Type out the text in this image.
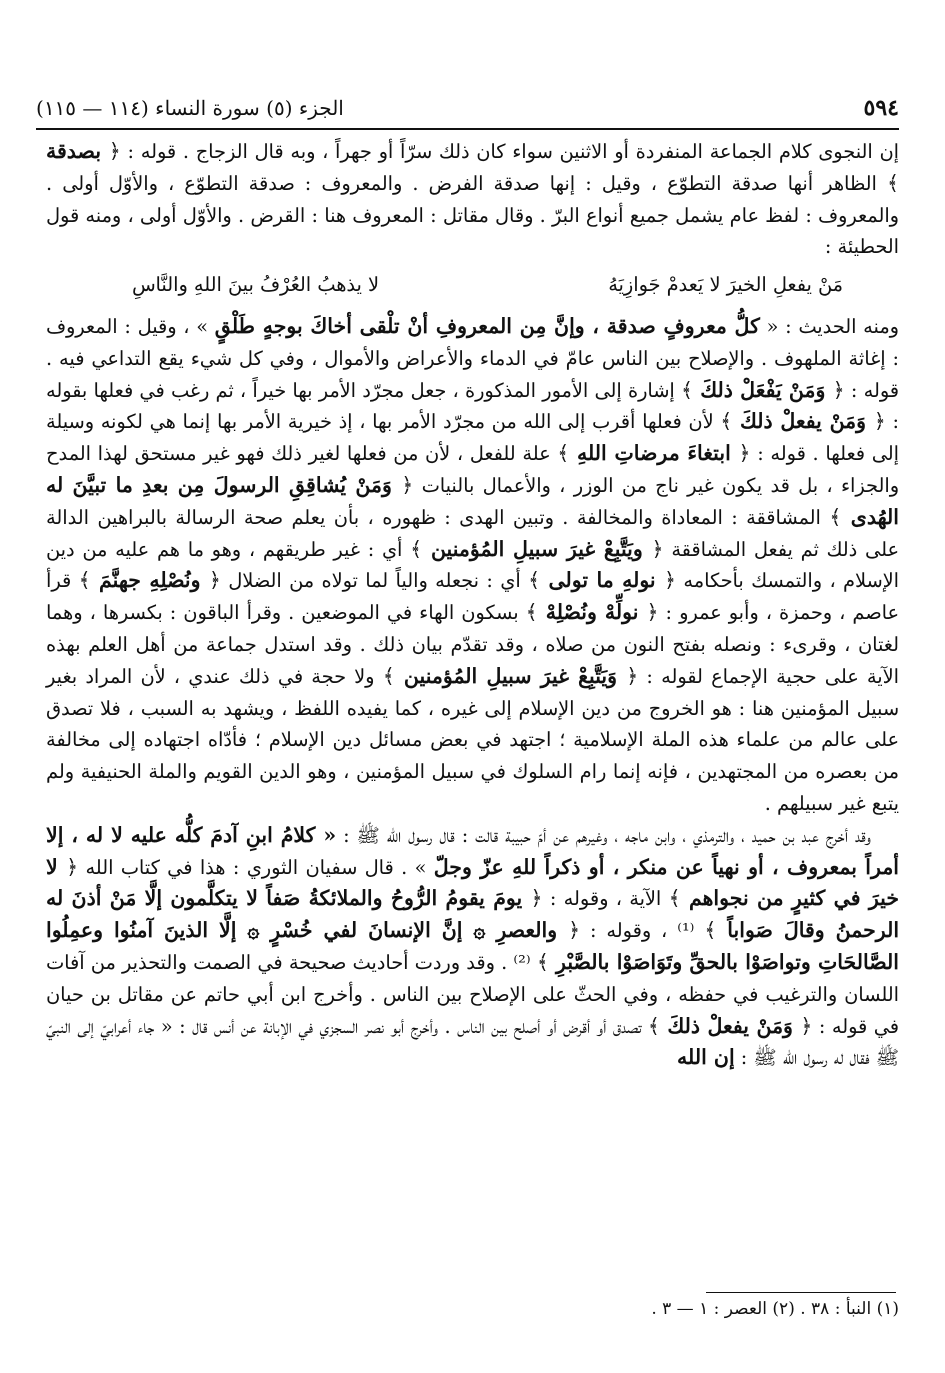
٥٩٤
الجزء (٥) سورة النساء (١١٤ — ١١٥)

إن النجوى كلام الجماعة المنفردة أو الاثنين سواء كان ذلك سرّاً أو جهراً ، وبه قال الزجاج . قوله : ﴿ بصدقة ﴾ الظاهر أنها صدقة التطوّع ، وقيل : إنها صدقة الفرض . والمعروف : صدقة التطوّع ، والأوّل أولى . والمعروف : لفظ عام يشمل جميع أنواع البرّ . وقال مقاتل : المعروف هنا : القرض . والأوّل أولى ، ومنه قول الحطيئة :

مَنْ يفعلِ الخيرَ لا يَعدمْ جَوازِيَهُ
لا يذهبُ العُرْفُ بينَ اللهِ والنَّاسِ

ومنه الحديث : « كلُّ معروفٍ صدقة ، وإنَّ مِن المعروفِ أنْ تلْقى أخاكَ بوجهٍ طَلْقٍ » ، وقيل : المعروف : إغاثة الملهوف . والإصلاح بين الناس عامّ في الدماء والأعراض والأموال ، وفي كل شيء يقع التداعي فيه . قوله : ﴿ وَمَنْ يَفْعَلْ ذلكَ ﴾ إشارة إلى الأمور المذكورة ، جعل مجرّد الأمر بها خيراً ، ثم رغب في فعلها بقوله : ﴿ وَمَنْ يفعلْ ذلكَ ﴾ لأن فعلها أقرب إلى الله من مجرّد الأمر بها ، إذ خيرية الأمر بها إنما هي لكونه وسيلة إلى فعلها . قوله : ﴿ ابتغاءَ مرضاتِ اللهِ ﴾ علة للفعل ، لأن من فعلها لغير ذلك فهو غير مستحق لهذا المدح والجزاء ، بل قد يكون غير ناج من الوزر ، والأعمال بالنيات ﴿ وَمَنْ يُشاقِقِ الرسولَ مِن بعدِ ما تبيَّنَ له الهُدى ﴾ المشاققة : المعاداة والمخالفة . وتبين الهدى : ظهوره ، بأن يعلم صحة الرسالة بالبراهين الدالة على ذلك ثم يفعل المشاققة ﴿ ويَتَّبِعْ غيرَ سبيلِ المُؤمنين ﴾ أي : غير طريقهم ، وهو ما هم عليه من دين الإسلام ، والتمسك بأحكامه ﴿ نولهِ ما تولى ﴾ أي : نجعله والياً لما تولاه من الضلال ﴿ ونُصْلِهِ جهنَّمَ ﴾ قرأ عاصم ، وحمزة ، وأبو عمرو : ﴿ نولِّهْ ونُصْلِهْ ﴾ بسكون الهاء في الموضعين . وقرأ الباقون : بكسرها ، وهما لغتان ، وقرىء : ونصله بفتح النون من صلاه ، وقد تقدّم بيان ذلك . وقد استدل جماعة من أهل العلم بهذه الآية على حجية الإجماع لقوله : ﴿ وَيَتَّبِعْ غيرَ سبيلِ المُؤمنين ﴾ ولا حجة في ذلك عندي ، لأن المراد بغير سبيل المؤمنين هنا : هو الخروج من دين الإسلام إلى غيره ، كما يفيده اللفظ ، ويشهد به السبب ، فلا تصدق على عالم من علماء هذه الملة الإسلامية ؛ اجتهد في بعض مسائل دين الإسلام ؛ فأدّاه اجتهاده إلى مخالفة من بعصره من المجتهدين ، فإنه إنما رام السلوك في سبيل المؤمنين ، وهو الدين القويم والملة الحنيفية ولم يتبع غير سبيلهم .

وقد أخرج عبد بن حميد ، والترمذي ، وابن ماجه ، وغيرهم عن أمّ حبيبة قالت : قال رسول الله ﷺ : « كلامُ ابنِ آدمَ كلُّه عليه لا له ، إلا أمراً بمعروف ، أو نهياً عن منكر ، أو ذكراً للهِ عزّ وجلّ » . قال سفيان الثوري : هذا في كتاب الله ﴿ لا خيرَ في كثيرٍ من نجواهم ﴾ الآية ، وقوله : ﴿ يومَ يقومُ الرُّوحُ والملائكةُ صَفاً لا يتكلَّمون إلَّا مَنْ أذنَ له الرحمنُ وقالَ صَواباً ﴾ ⁽¹⁾ ، وقوله : ﴿ والعصرِ ۞ إنَّ الإنسانَ لفي خُسْرٍ ۞ إلَّا الذينَ آمنُوا وعمِلُوا الصَّالحَاتِ وتواصَوْا بالحقِّ وتَوَاصَوْا بالصَّبْرِ ﴾ ⁽²⁾ . وقد وردت أحاديث صحيحة في الصمت والتحذير من آفات اللسان والترغيب في حفظه ، وفي الحثّ على الإصلاح بين الناس . وأخرج ابن أبي حاتم عن مقاتل بن حيان في قوله : ﴿ وَمَنْ يفعلْ ذلكَ ﴾ تصدق أو أقرض أو أصلح بين الناس . وأخرج أبو نصر السجزي في الإبانة عن أنس قال : « جاء أعرابيّ إلى النبيّ ﷺ فقال له رسول الله ﷺ : إن الله

(١) النبأ : ٣٨ . (٢) العصر : ١ — ٣ .
